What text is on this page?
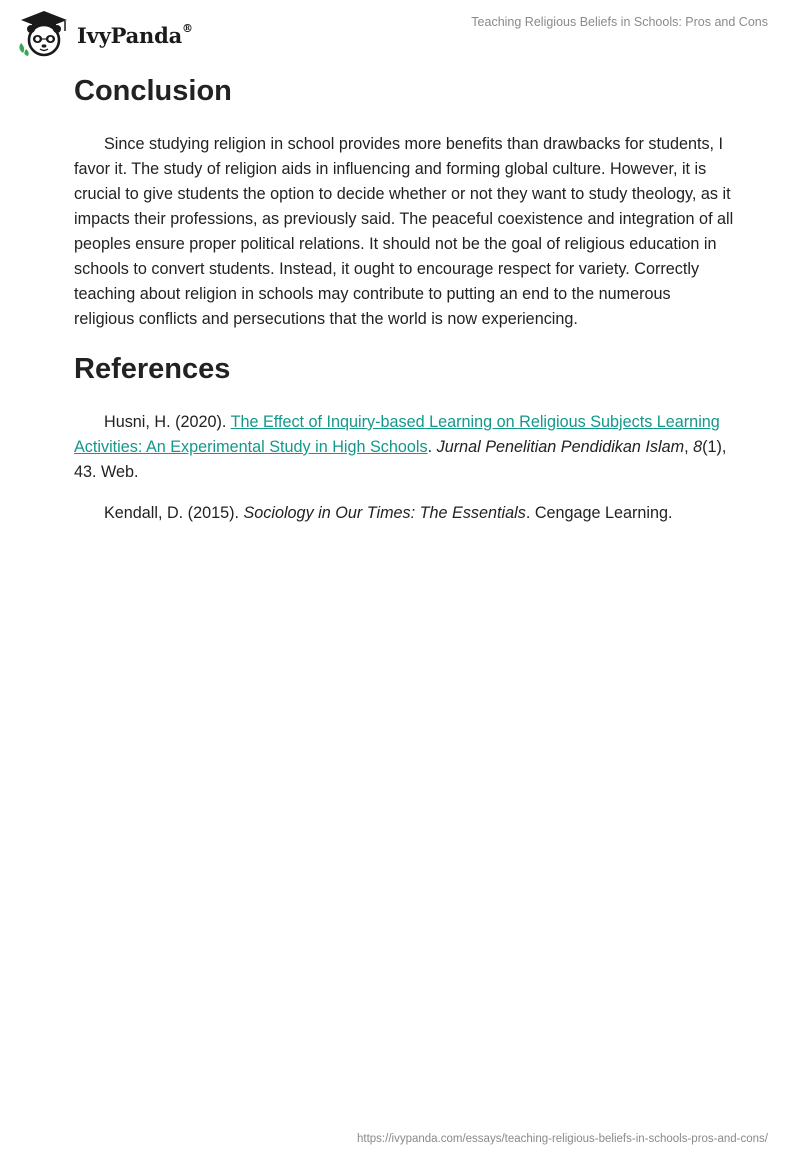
IvyPanda®	Teaching Religious Beliefs in Schools: Pros and Cons
Conclusion

Since studying religion in school provides more benefits than drawbacks for students, I favor it. The study of religion aids in influencing and forming global culture. However, it is crucial to give students the option to decide whether or not they want to study theology, as it impacts their professions, as previously said. The peaceful coexistence and integration of all peoples ensure proper political relations. It should not be the goal of religious education in schools to convert students. Instead, it ought to encourage respect for variety. Correctly teaching about religion in schools may contribute to putting an end to the numerous religious conflicts and persecutions that the world is now experiencing.

References

Husni, H. (2020). The Effect of Inquiry-based Learning on Religious Subjects Learning Activities: An Experimental Study in High Schools. Jurnal Penelitian Pendidikan Islam, 8(1), 43. Web.

Kendall, D. (2015). Sociology in Our Times: The Essentials. Cengage Learning.

https://ivypanda.com/essays/teaching-religious-beliefs-in-schools-pros-and-cons/
